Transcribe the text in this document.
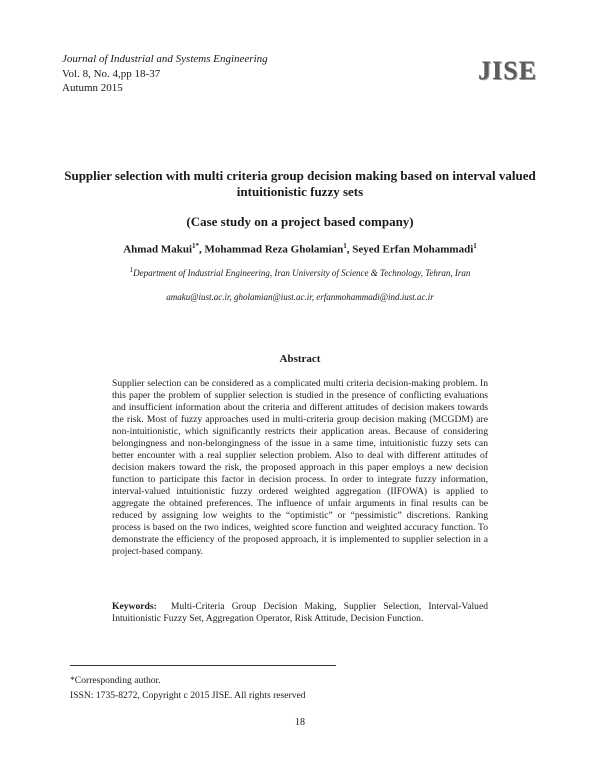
Journal of Industrial and Systems Engineering
Vol. 8, No. 4,pp 18-37
Autumn 2015
JISE
Supplier selection with multi criteria group decision making based on interval valued intuitionistic fuzzy sets
(Case study on a project based company)
Ahmad Makui$^{1*}$, Mohammad Reza Gholamian$^1$, Seyed Erfan Mohammadi$^1$
$^1$Department of Industrial Engineering, Iran University of Science & Technology, Tehran, Iran
amaku@iust.ac.ir, gholamian@iust.ac.ir, erfanmohammadi@ind.iust.ac.ir
Abstract

Supplier selection can be considered as a complicated multi criteria decision-making problem. In this paper the problem of supplier selection is studied in the presence of conflicting evaluations and insufficient information about the criteria and different attitudes of decision makers towards the risk. Most of fuzzy approaches used in multi-criteria group decision making (MCGDM) are non-intuitionistic, which significantly restricts their application areas. Because of considering belongingness and non-belongingness of the issue in a same time, intuitionistic fuzzy sets can better encounter with a real supplier selection problem. Also to deal with different attitudes of decision makers toward the risk, the proposed approach in this paper employs a new decision function to participate this factor in decision process. In order to integrate fuzzy information, interval-valued intuitionistic fuzzy ordered weighted aggregation (IIFOWA) is applied to aggregate the obtained preferences. The influence of unfair arguments in final results can be reduced by assigning low weights to the “optimistic” or “pessimistic” discretions. Ranking process is based on the two indices, weighted score function and weighted accuracy function. To demonstrate the efficiency of the proposed approach, it is implemented to supplier selection in a project-based company.

Keywords: Multi-Criteria Group Decision Making, Supplier Selection, Interval-Valued Intuitionistic Fuzzy Set, Aggregation Operator, Risk Attitude, Decision Function.

*Corresponding author.
ISSN: 1735-8272, Copyright c 2015 JISE. All rights reserved
18
